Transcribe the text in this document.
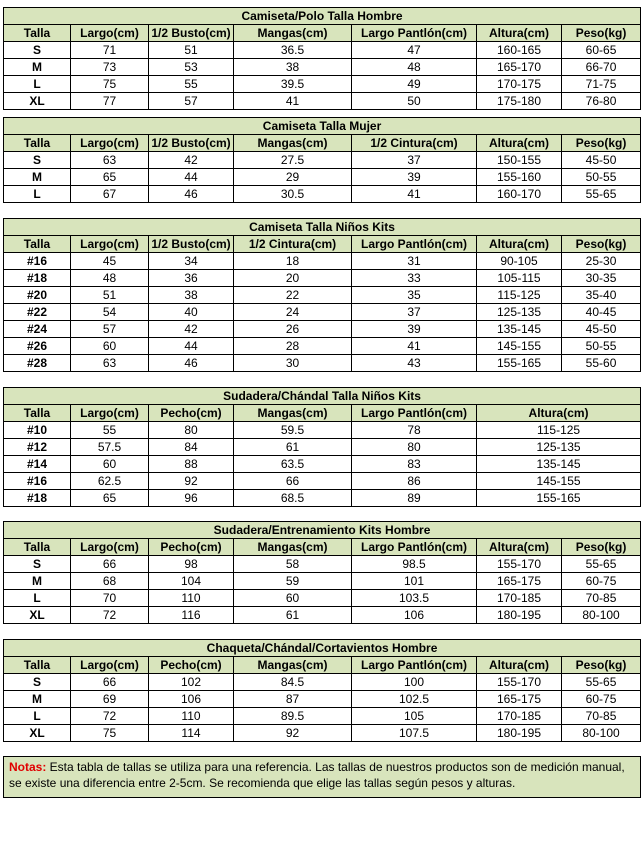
Camiseta/Polo Talla Hombre						
Talla	Largo(cm)	1/2 Busto(cm)	Mangas(cm)	Largo Pantlón(cm)	Altura(cm)	Peso(kg)
S	71	51	36.5	47	160-165	60-65
M	73	53	38	48	165-170	66-70
L	75	55	39.5	49	170-175	71-75
XL	77	57	41	50	175-180	76-80
Camiseta Talla Mujer						
Talla	Largo(cm)	1/2 Busto(cm)	Mangas(cm)	1/2 Cintura(cm)	Altura(cm)	Peso(kg)
S	63	42	27.5	37	150-155	45-50
M	65	44	29	39	155-160	50-55
L	67	46	30.5	41	160-170	55-65
Camiseta Talla Niños Kits						
Talla	Largo(cm)	1/2 Busto(cm)	1/2 Cintura(cm)	Largo Pantlón(cm)	Altura(cm)	Peso(kg)
#16	45	34	18	31	90-105	25-30
#18	48	36	20	33	105-115	30-35
#20	51	38	22	35	115-125	35-40
#22	54	40	24	37	125-135	40-45
#24	57	42	26	39	135-145	45-50
#26	60	44	28	41	145-155	50-55
#28	63	46	30	43	155-165	55-60
Sudadera/Chándal Talla Niños Kits					
Talla	Largo(cm)	Pecho(cm)	Mangas(cm)	Largo Pantlón(cm)	Altura(cm)
#10	55	80	59.5	78	115-125
#12	57.5	84	61	80	125-135
#14	60	88	63.5	83	135-145
#16	62.5	92	66	86	145-155
#18	65	96	68.5	89	155-165
Sudadera/Entrenamiento Kits Hombre						
Talla	Largo(cm)	Pecho(cm)	Mangas(cm)	Largo Pantlón(cm)	Altura(cm)	Peso(kg)
S	66	98	58	98.5	155-170	55-65
M	68	104	59	101	165-175	60-75
L	70	110	60	103.5	170-185	70-85
XL	72	116	61	106	180-195	80-100
Chaqueta/Chándal/Cortavientos Hombre						
Talla	Largo(cm)	Pecho(cm)	Mangas(cm)	Largo Pantlón(cm)	Altura(cm)	Peso(kg)
S	66	102	84.5	100	155-170	55-65
M	69	106	87	102.5	165-175	60-75
L	72	110	89.5	105	170-185	70-85
XL	75	114	92	107.5	180-195	80-100
Notas: Esta tabla de tallas se utiliza para una referencia. Las tallas de nuestros productos son de medición manual, se existe una diferencia entre 2-5cm. Se recomienda que elige las tallas según pesos y alturas.
